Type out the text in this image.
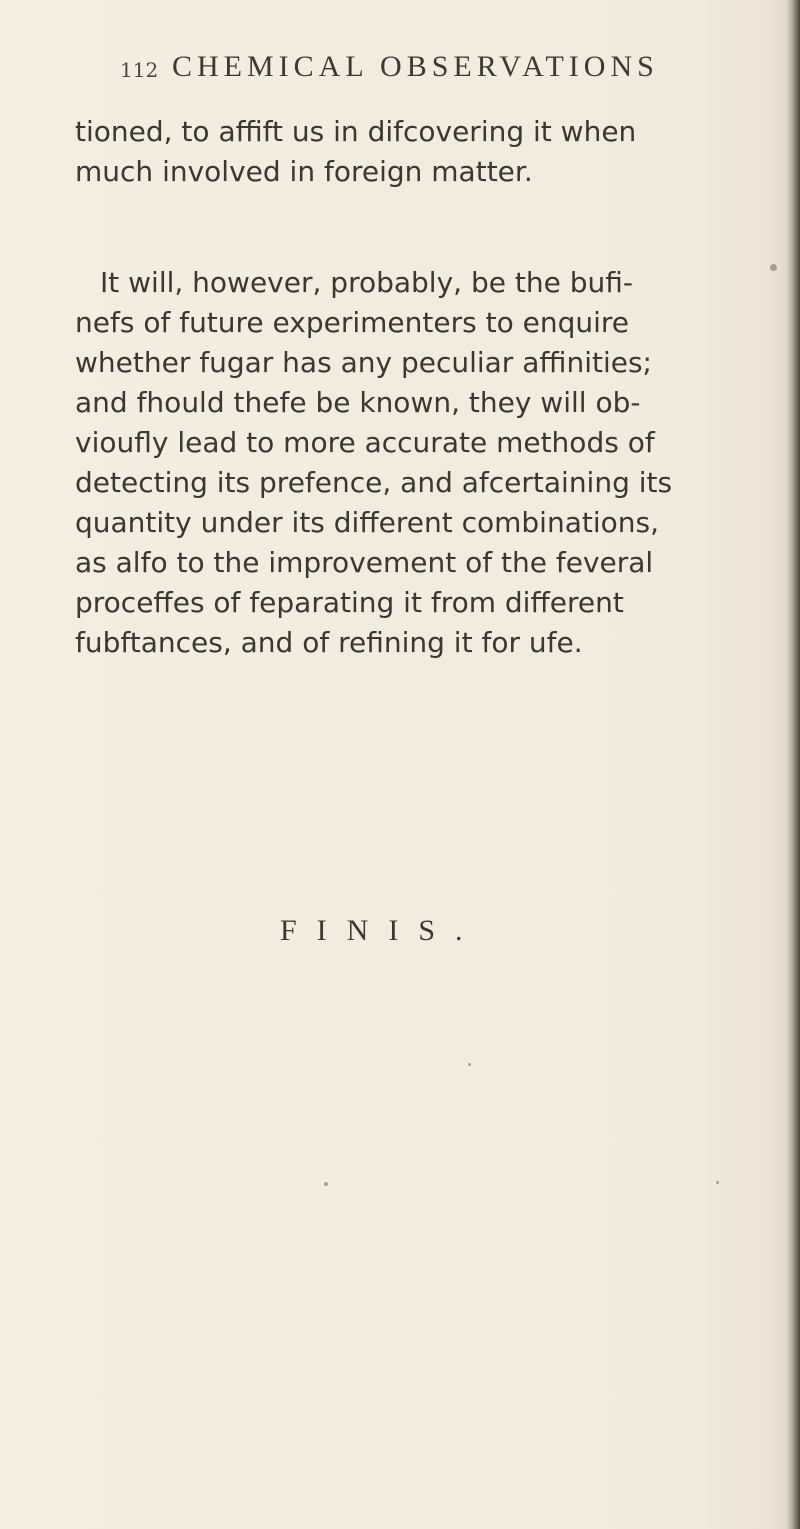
112 CHEMICAL OBSERVATIONS
tioned, to affift us in difcovering it when
much involved in foreign matter.
It will, however, probably, be the bufi-
nefs of future experimenters to enquire
whether fugar has any peculiar affinities;
and fhould thefe be known, they will ob-
vioufly lead to more accurate methods of
detecting its prefence, and afcertaining its
quantity under its different combinations,
as alfo to the improvement of the feveral
proceffes of feparating it from different
fubftances, and of refining it for ufe.
FINIS.
